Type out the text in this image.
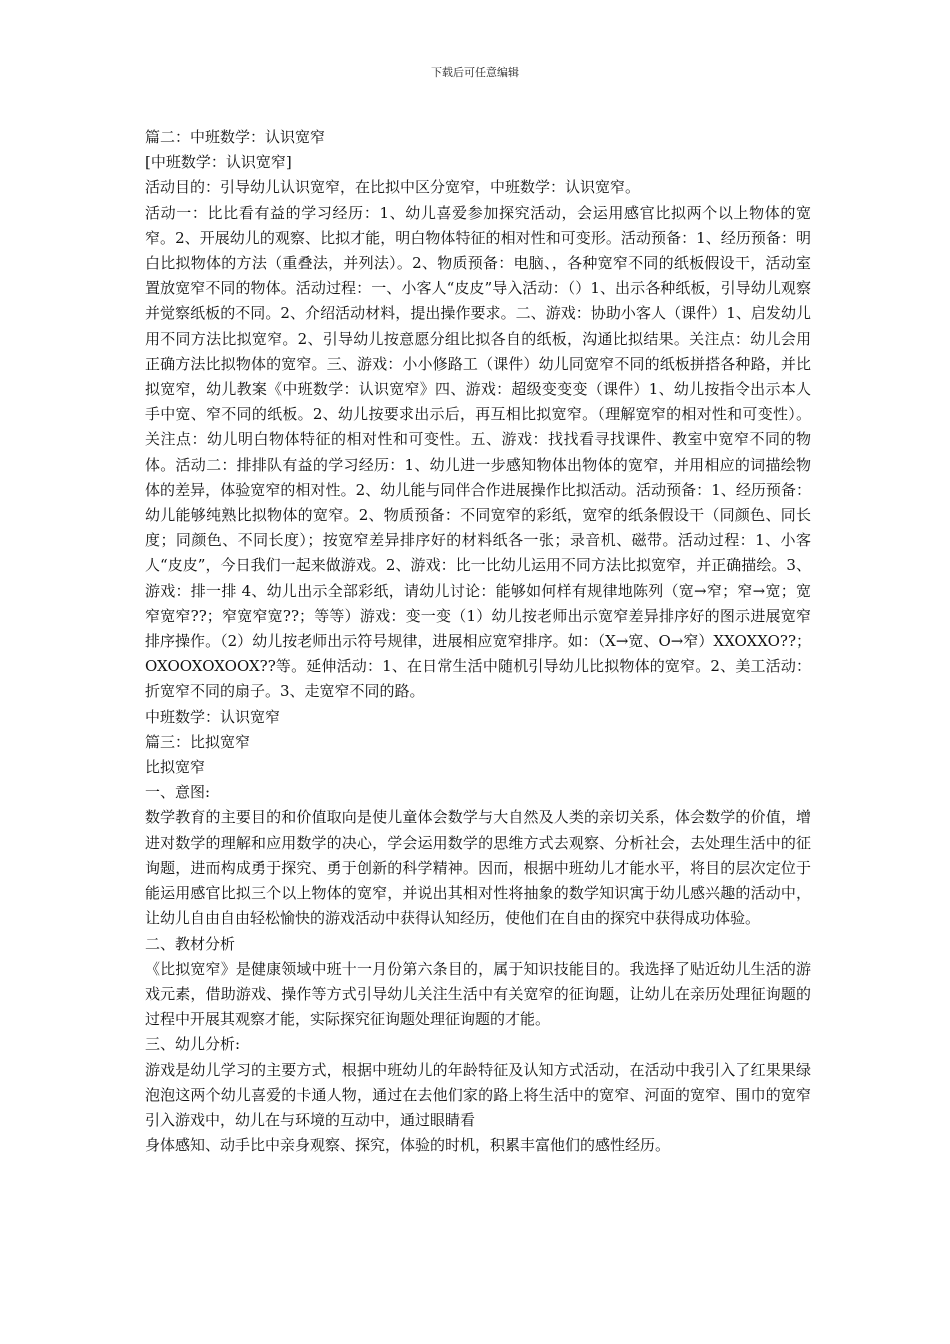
下载后可任意编辑

篇二：中班数学：认识宽窄

[中班数学：认识宽窄]

活动目的：引导幼儿认识宽窄，在比拟中区分宽窄，中班数学：认识宽窄。

活动一：比比看有益的学习经历：1、幼儿喜爱参加探究活动，会运用感官比拟两个以上物体的宽窄。2、开展幼儿的观察、比拟才能，明白物体特征的相对性和可变形。活动预备：1、经历预备：明白比拟物体的方法（重叠法，并列法）。2、物质预备：电脑、，各种宽窄不同的纸板假设干，活动室置放宽窄不同的物体。活动过程：一、小客人“皮皮”导入活动：（）1、出示各种纸板，引导幼儿观察并觉察纸板的不同。2、介绍活动材料，提出操作要求。二、游戏：协助小客人（课件）1、启发幼儿用不同方法比拟宽窄。2、引导幼儿按意愿分组比拟各自的纸板，沟通比拟结果。关注点：幼儿会用正确方法比拟物体的宽窄。三、游戏：小小修路工（课件）幼儿同宽窄不同的纸板拼搭各种路，并比拟宽窄，幼儿教案《中班数学：认识宽窄》四、游戏：超级变变变（课件）1、幼儿按指令出示本人手中宽、窄不同的纸板。2、幼儿按要求出示后，再互相比拟宽窄。（理解宽窄的相对性和可变性）。关注点：幼儿明白物体特征的相对性和可变性。五、游戏：找找看寻找课件、教室中宽窄不同的物体。活动二：排排队有益的学习经历：1、幼儿进一步感知物体出物体的宽窄，并用相应的词描绘物体的差异，体验宽窄的相对性。2、幼儿能与同伴合作进展操作比拟活动。活动预备：1、经历预备：幼儿能够纯熟比拟物体的宽窄。2、物质预备：不同宽窄的彩纸，宽窄的纸条假设干（同颜色、同长度；同颜色、不同长度）；按宽窄差异排序好的材料纸各一张；录音机、磁带。活动过程：1、小客人“皮皮”，今日我们一起来做游戏。2、游戏：比一比幼儿运用不同方法比拟宽窄，并正确描绘。3、游戏：排一排 4、幼儿出示全部彩纸，请幼儿讨论：能够如何样有规律地陈列（宽→窄；窄→宽；宽窄宽窄??；窄宽窄宽??；等等）游戏：变一变（1）幼儿按老师出示宽窄差异排序好的图示进展宽窄排序操作。（2）幼儿按老师出示符号规律，进展相应宽窄排序。如：（X→宽、O→窄）XXOXXO??；OXOOXOXOOX??等。延伸活动：1、在日常生活中随机引导幼儿比拟物体的宽窄。2、美工活动：折宽窄不同的扇子。3、走宽窄不同的路。

中班数学：认识宽窄

篇三：比拟宽窄

比拟宽窄

一、意图:

数学教育的主要目的和价值取向是使儿童体会数学与大自然及人类的亲切关系，体会数学的价值，增进对数学的理解和应用数学的决心，学会运用数学的思维方式去观察、分析社会，去处理生活中的征询题，进而构成勇于探究、勇于创新的科学精神。因而，根据中班幼儿才能水平，将目的层次定位于能运用感官比拟三个以上物体的宽窄，并说出其相对性将抽象的数学知识寓于幼儿感兴趣的活动中，让幼儿自由自由轻松愉快的游戏活动中获得认知经历，使他们在自由的探究中获得成功体验。

二、教材分析

《比拟宽窄》是健康领域中班十一月份第六条目的，属于知识技能目的。我选择了贴近幼儿生活的游戏元素，借助游戏、操作等方式引导幼儿关注生活中有关宽窄的征询题，让幼儿在亲历处理征询题的过程中开展其观察才能，实际探究征询题处理征询题的才能。

三、幼儿分析:

游戏是幼儿学习的主要方式，根据中班幼儿的年龄特征及认知方式活动，在活动中我引入了红果果绿泡泡这两个幼儿喜爱的卡通人物，通过在去他们家的路上将生活中的宽窄、河面的宽窄、围巾的宽窄引入游戏中，幼儿在与环境的互动中，通过眼睛看

身体感知、动手比中亲身观察、探究，体验的时机，积累丰富他们的感性经历。
